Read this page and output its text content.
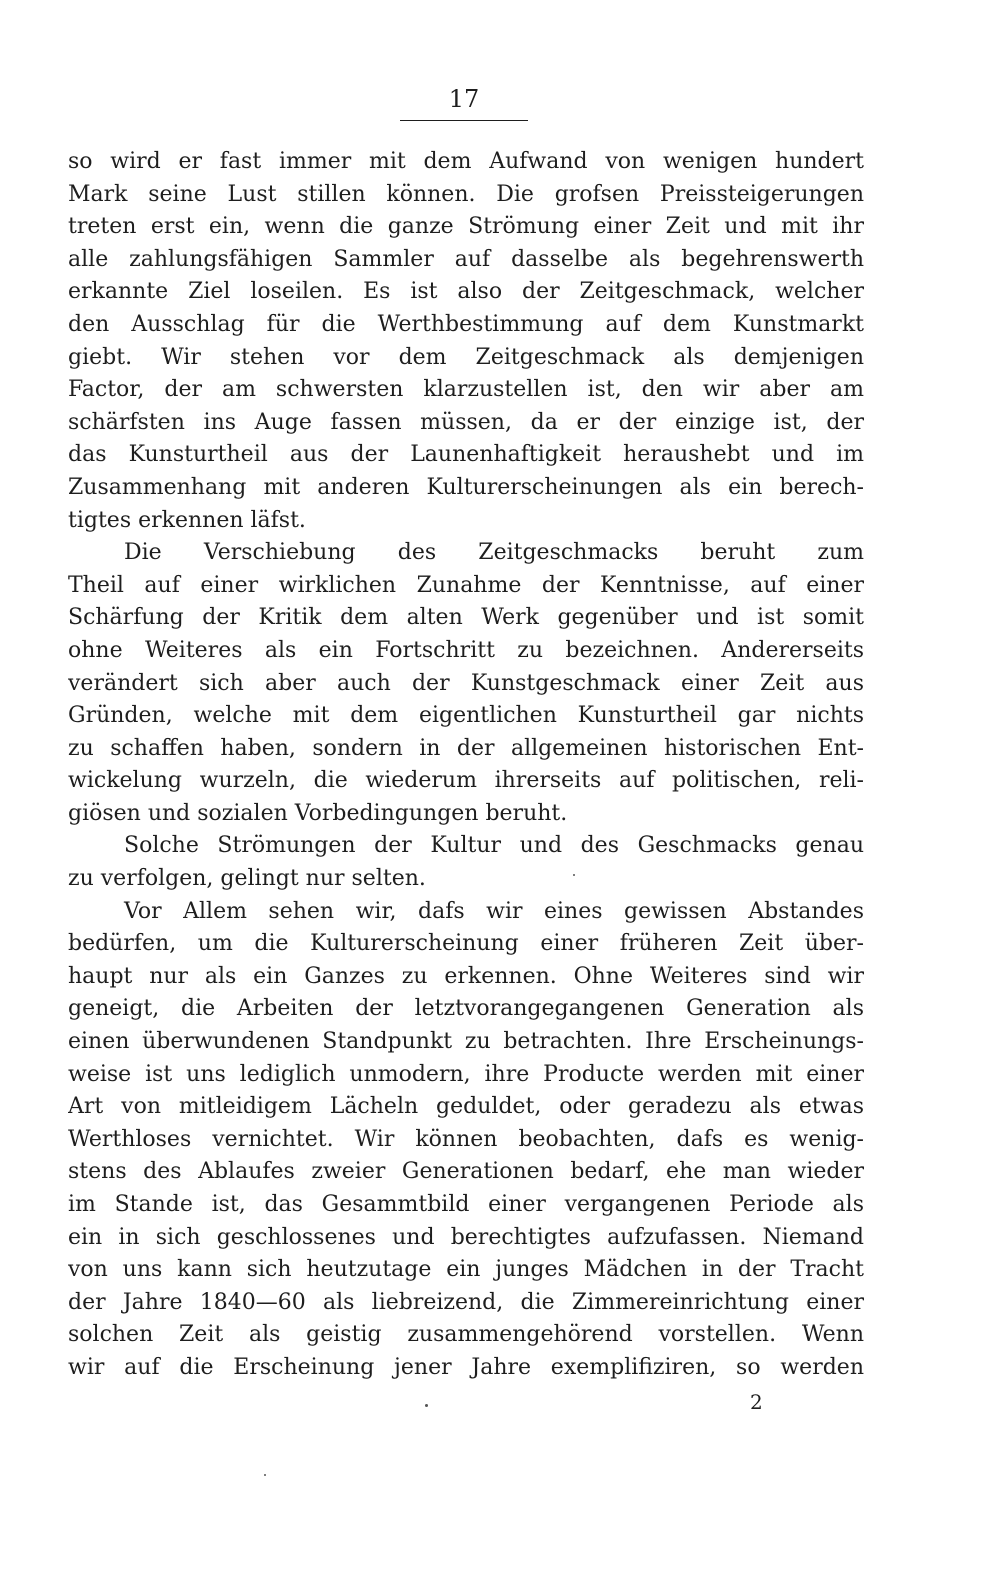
17
so wird er fast immer mit dem Aufwand von wenigen hundert
Mark seine Lust stillen können. Die grofsen Preissteigerungen
treten erst ein, wenn die ganze Strömung einer Zeit und mit ihr
alle zahlungsfähigen Sammler auf dasselbe als begehrenswerth
erkannte Ziel loseilen. Es ist also der Zeitgeschmack, welcher
den Ausschlag für die Werthbestimmung auf dem Kunstmarkt
giebt. Wir stehen vor dem Zeitgeschmack als demjenigen
Factor, der am schwersten klarzustellen ist, den wir aber am
schärfsten ins Auge fassen müssen, da er der einzige ist, der
das Kunsturtheil aus der Launenhaftigkeit heraushebt und im
Zusammenhang mit anderen Kulturerscheinungen als ein berech-
tigtes erkennen läfst.
Die Verschiebung des Zeitgeschmacks beruht zum
Theil auf einer wirklichen Zunahme der Kenntnisse, auf einer
Schärfung der Kritik dem alten Werk gegenüber und ist somit
ohne Weiteres als ein Fortschritt zu bezeichnen. Andererseits
verändert sich aber auch der Kunstgeschmack einer Zeit aus
Gründen, welche mit dem eigentlichen Kunsturtheil gar nichts
zu schaffen haben, sondern in der allgemeinen historischen Ent-
wickelung wurzeln, die wiederum ihrerseits auf politischen, reli-
giösen und sozialen Vorbedingungen beruht.
Solche Strömungen der Kultur und des Geschmacks genau
zu verfolgen, gelingt nur selten.
Vor Allem sehen wir, dafs wir eines gewissen Abstandes
bedürfen, um die Kulturerscheinung einer früheren Zeit über-
haupt nur als ein Ganzes zu erkennen. Ohne Weiteres sind wir
geneigt, die Arbeiten der letztvorangegangenen Generation als
einen überwundenen Standpunkt zu betrachten. Ihre Erscheinungs-
weise ist uns lediglich unmodern, ihre Producte werden mit einer
Art von mitleidigem Lächeln geduldet, oder geradezu als etwas
Werthloses vernichtet. Wir können beobachten, dafs es wenig-
stens des Ablaufes zweier Generationen bedarf, ehe man wieder
im Stande ist, das Gesammtbild einer vergangenen Periode als
ein in sich geschlossenes und berechtigtes aufzufassen. Niemand
von uns kann sich heutzutage ein junges Mädchen in der Tracht
der Jahre 1840—60 als liebreizend, die Zimmereinrichtung einer
solchen Zeit als geistig zusammengehörend vorstellen. Wenn
wir auf die Erscheinung jener Jahre exemplifiziren, so werden
2
